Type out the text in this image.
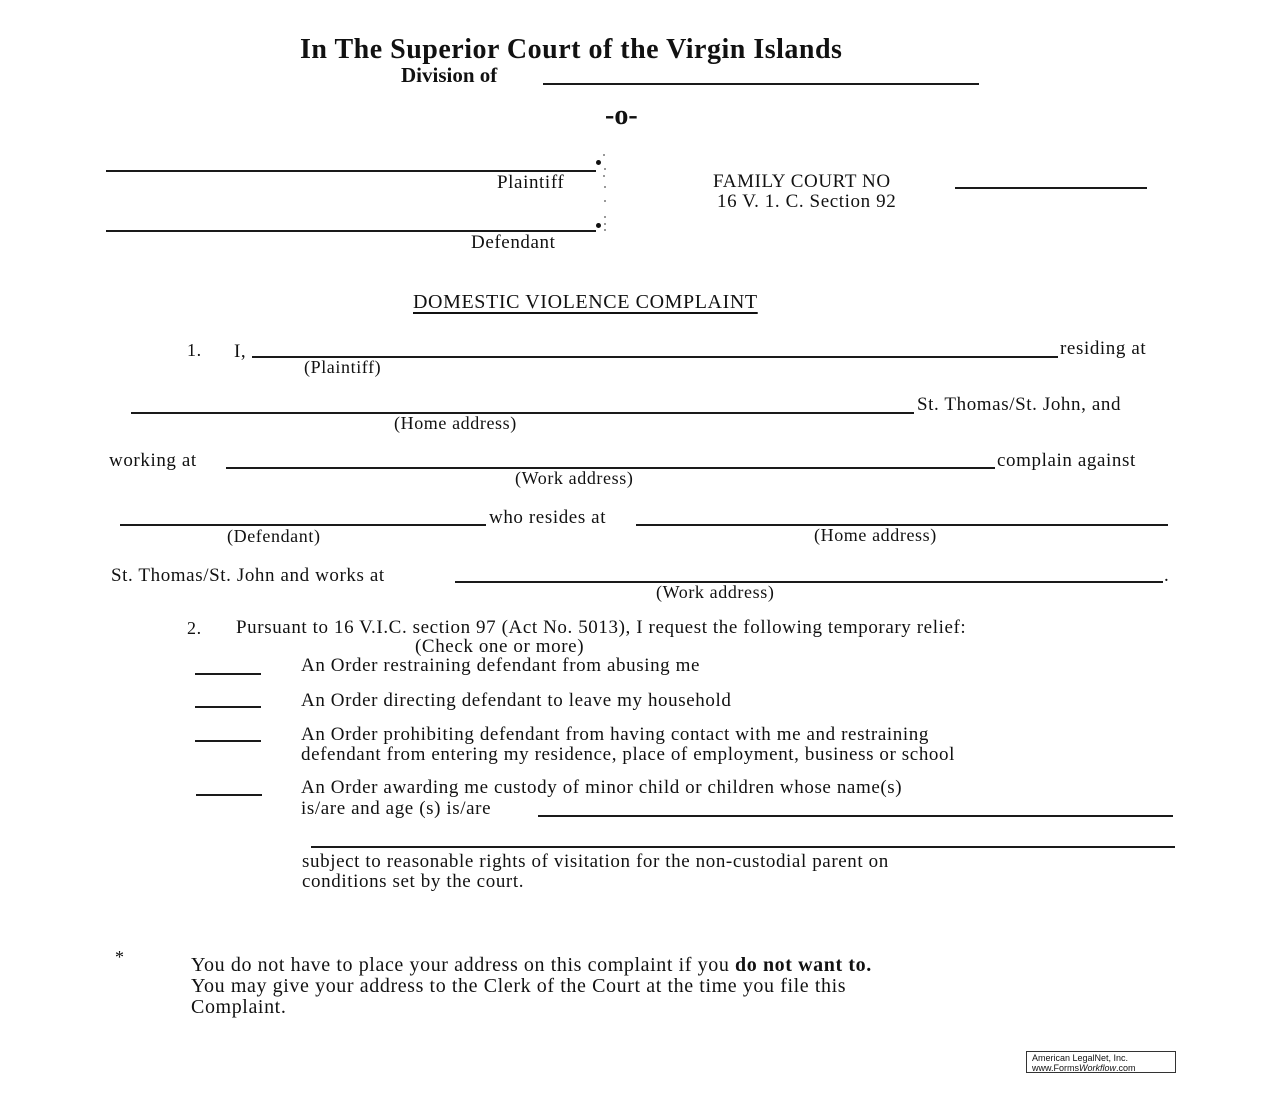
In The Superior Court of the Virgin Islands
Division of
-o-
Plaintiff
Defendant
FAMILY COURT NO
16 V. 1. C. Section 92
DOMESTIC VIOLENCE COMPLAINT
1. I,	residing at
(Plaintiff)
St. Thomas/St. John, and
(Home address)
working at	complain against
(Work address)
who resides at
(Defendant)	(Home address)
St. Thomas/St. John and works at	.
(Work address)
2. Pursuant to 16 V.I.C. section 97 (Act No. 5013), I request the following temporary relief:
(Check one or more)
An Order restraining defendant from abusing me
An Order directing defendant to leave my household
An Order prohibiting defendant from having contact with me and restraining
defendant from entering my residence, place of employment, business or school
An Order awarding me custody of minor child or children whose name(s)
is/are and age (s) is/are
subject to reasonable rights of visitation for the non-custodial parent on
conditions set by the court.
*	You do not have to place your address on this complaint if you do not want to.
You may give your address to the Clerk of the Court at the time you file this
Complaint.
American LegalNet, Inc.
www.FormsWorkflow.com
